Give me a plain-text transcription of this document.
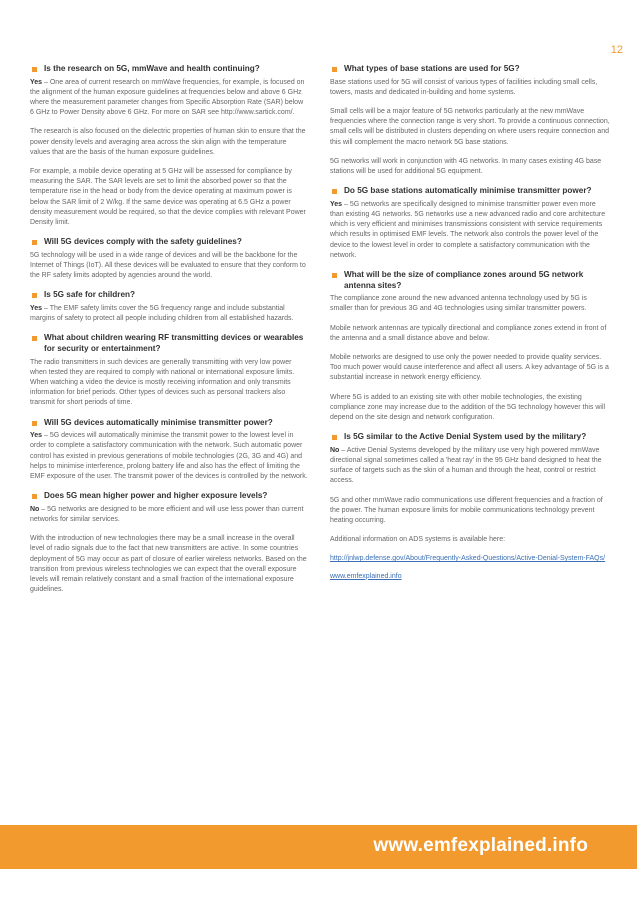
12
Is the research on 5G, mmWave and health continuing?

Yes – One area of current research on mmWave frequencies, for example, is focused on the alignment of the human exposure guidelines at frequencies below and above 6 GHz where the measurement parameter changes from Specific Absorption Rate (SAR) below 6 GHz to Power Density above 6 GHz. For more on SAR see http://www.sartick.com/.

The research is also focused on the dielectric properties of human skin to ensure that the power density levels and averaging area across the skin align with the temperature values that are the basis of the human exposure guidelines.

For example, a mobile device operating at 5 GHz will be assessed for compliance by measuring the SAR. The SAR levels are set to limit the absorbed power so that the temperature rise in the head or body from the device operating at maximum power is below the SAR limit of 2 W/kg. If the same device was operating at 6.5 GHz a power density measurement would be required, so that the device complies with relevant Power Density limit.

Will 5G devices comply with the safety guidelines?

5G technology will be used in a wide range of devices and will be the backbone for the Internet of Things (IoT). All these devices will be evaluated to ensure that they conform to the RF safety limits adopted by agencies around the world.

Is 5G safe for children?

Yes – The EMF safety limits cover the 5G frequency range and include substantial margins of safety to protect all people including children from all established hazards.

What about children wearing RF transmitting devices or wearables for security or entertainment?

The radio transmitters in such devices are generally transmitting with very low power when tested they are required to comply with national or international exposure limits. When watching a video the device is mostly receiving information and only transmits information for brief periods. Other types of devices such as personal trackers also transmit for short periods of time.

Will 5G devices automatically minimise transmitter power?

Yes – 5G devices will automatically minimise the transmit power to the lowest level in order to complete a satisfactory communication with the network. Such automatic power control has existed in previous generations of mobile technologies (2G, 3G and 4G) and helps to minimise interference, prolong battery life and also has the effect of limiting the EMF exposure of the user. The transmit power of the devices is controlled by the network.

Does 5G mean higher power and higher exposure levels?

No – 5G networks are designed to be more efficient and will use less power than current networks for similar services.

With the introduction of new technologies there may be a small increase in the overall level of radio signals due to the fact that new transmitters are active. In some countries deployment of 5G may occur as part of closure of earlier wireless networks. Based on the transition from previous wireless technologies we can expect that the overall exposure levels will remain relatively constant and a small fraction of the international exposure guidelines.

What types of base stations are used for 5G?

Base stations used for 5G will consist of various types of facilities including small cells, towers, masts and dedicated in-building and home systems.

Small cells will be a major feature of 5G networks particularly at the new mmWave frequencies where the connection range is very short. To provide a continuous connection, small cells will be distributed in clusters depending on where users require connection and this will complement the macro network 5G base stations.

5G networks will work in conjunction with 4G networks. In many cases existing 4G base stations will be used for additional 5G equipment.

Do 5G base stations automatically minimise transmitter power?

Yes – 5G networks are specifically designed to minimise transmitter power even more than existing 4G networks. 5G networks use a new advanced radio and core architecture which is very efficient and minimises transmissions consistent with service requirements which results in optimised EMF levels. The network also controls the power level of the device to the lowest level in order to complete a satisfactory communication with the network.

What will be the size of compliance zones around 5G network antenna sites?

The compliance zone around the new advanced antenna technology used by 5G is smaller than for previous 3G and 4G technologies using similar transmitter powers.

Mobile network antennas are typically directional and compliance zones extend in front of the antenna and a small distance above and below.

Mobile networks are designed to use only the power needed to provide quality services. Too much power would cause interference and affect all users. A key advantage of 5G is a substantial increase in network energy efficiency.

Where 5G is added to an existing site with other mobile technologies, the existing compliance zone may increase due to the addition of the 5G technology however this will depend on the site design and network configuration.

Is 5G similar to the Active Denial System used by the military?

No – Active Denial Systems developed by the military use very high powered mmWave directional signal sometimes called a 'heat ray' in the 95 GHz band designed to heat the surface of targets such as the skin of a human and through the heat, control or restrict access.

5G and other mmWave radio communications use different frequencies and a fraction of the power. The human exposure limits for mobile communications technology prevent heating occurring.

Additional information on ADS systems is available here:

http://jnlwp.defense.gov/About/Frequently-Asked-Questions/Active-Denial-System-FAQs/
www.emfexplained.info
www.emfexplained.info
